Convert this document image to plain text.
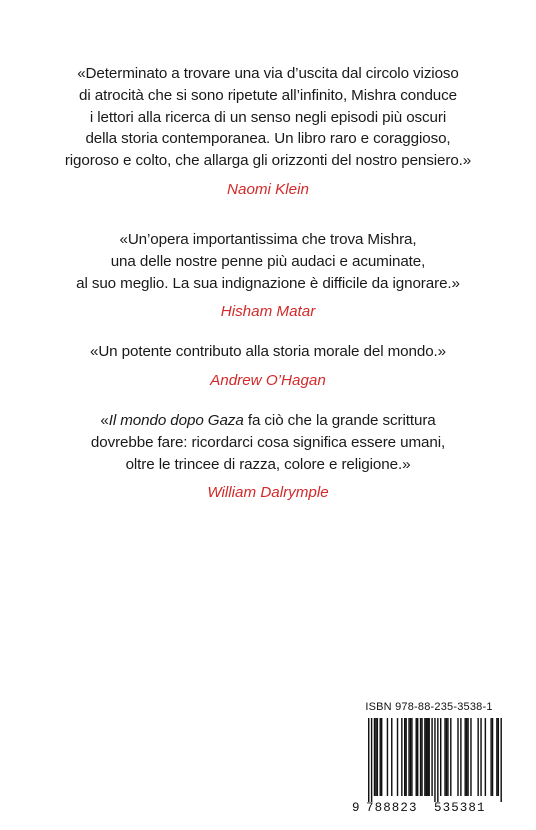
«Determinato a trovare una via d’uscita dal circolo vizioso
di atrocità che si sono ripetute all’infinito, Mishra conduce
i lettori alla ricerca di un senso negli episodi più oscuri
della storia contemporanea. Un libro raro e coraggioso,
rigoroso e colto, che allarga gli orizzonti del nostro pensiero.»
Naomi Klein
«Un’opera importantissima che trova Mishra,
una delle nostre penne più audaci e acuminate,
al suo meglio. La sua indignazione è difficile da ignorare.»
Hisham Matar
«Un potente contributo alla storia morale del mondo.»
Andrew O’Hagan
«Il mondo dopo Gaza fa ciò che la grande scrittura
dovrebbe fare: ricordarci cosa significa essere umani,
oltre le trincee di razza, colore e religione.»
William Dalrymple
ISBN 978-88-235-3538-1
9 788823 535381
